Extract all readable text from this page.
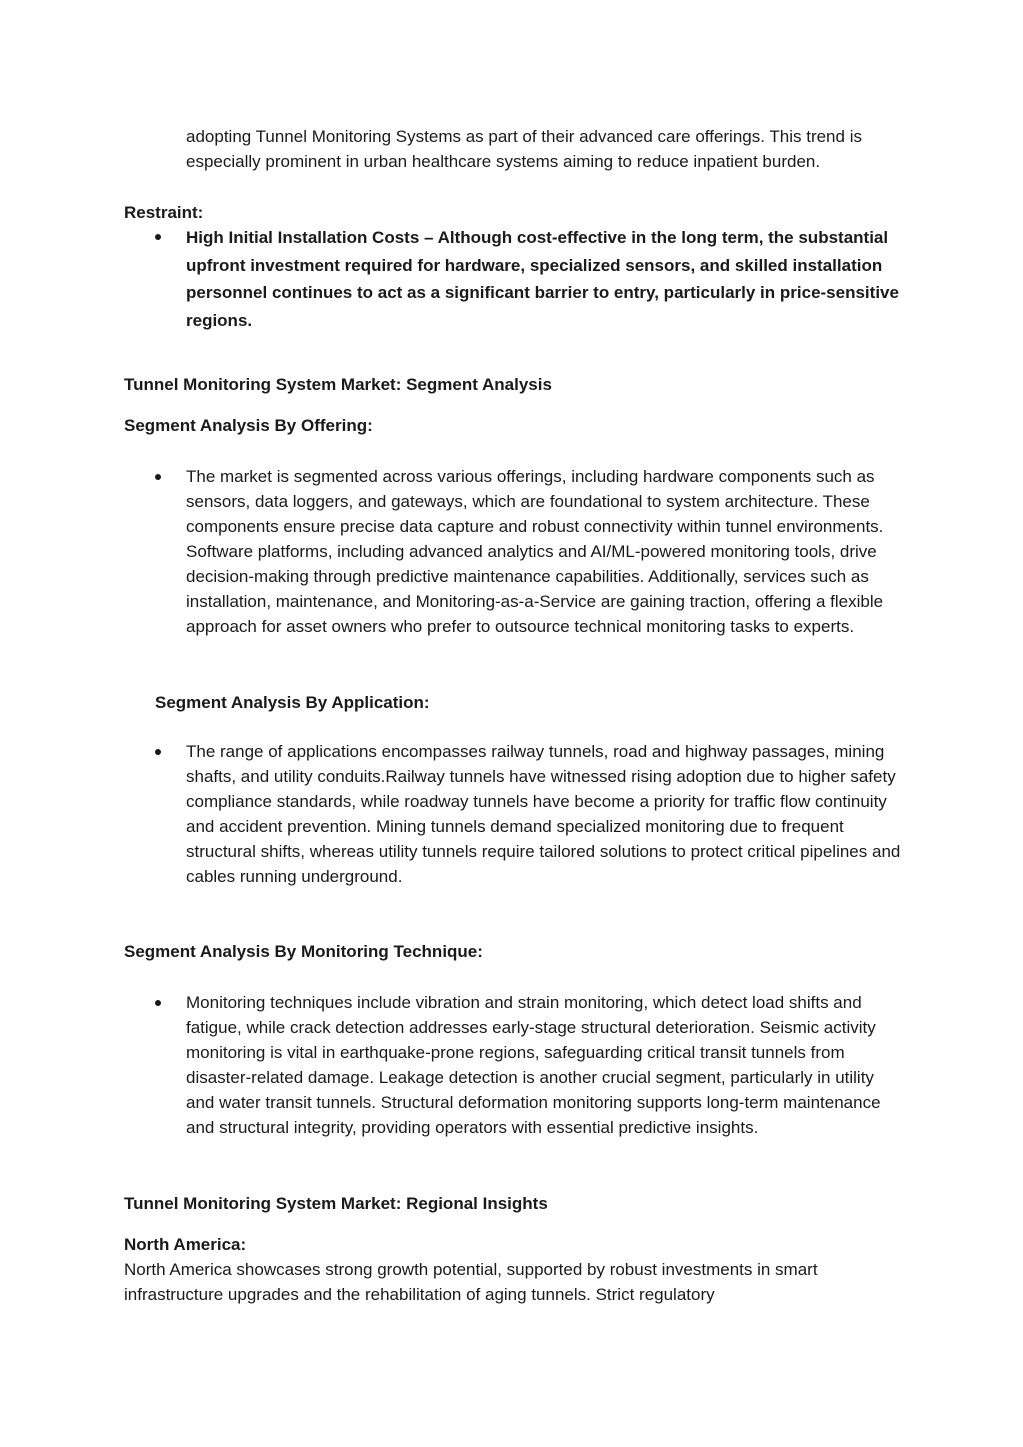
adopting Tunnel Monitoring Systems as part of their advanced care offerings. This trend is especially prominent in urban healthcare systems aiming to reduce inpatient burden.

Restraint:

High Initial Installation Costs – Although cost-effective in the long term, the substantial upfront investment required for hardware, specialized sensors, and skilled installation personnel continues to act as a significant barrier to entry, particularly in price-sensitive regions.

Tunnel Monitoring System Market: Segment Analysis

Segment Analysis By Offering:

The market is segmented across various offerings, including hardware components such as sensors, data loggers, and gateways, which are foundational to system architecture. These components ensure precise data capture and robust connectivity within tunnel environments. Software platforms, including advanced analytics and AI/ML-powered monitoring tools, drive decision-making through predictive maintenance capabilities. Additionally, services such as installation, maintenance, and Monitoring-as-a-Service are gaining traction, offering a flexible approach for asset owners who prefer to outsource technical monitoring tasks to experts.

Segment Analysis By Application:

The range of applications encompasses railway tunnels, road and highway passages, mining shafts, and utility conduits.Railway tunnels have witnessed rising adoption due to higher safety compliance standards, while roadway tunnels have become a priority for traffic flow continuity and accident prevention. Mining tunnels demand specialized monitoring due to frequent structural shifts, whereas utility tunnels require tailored solutions to protect critical pipelines and cables running underground.

Segment Analysis By Monitoring Technique:

Monitoring techniques include vibration and strain monitoring, which detect load shifts and fatigue, while crack detection addresses early-stage structural deterioration. Seismic activity monitoring is vital in earthquake-prone regions, safeguarding critical transit tunnels from disaster-related damage. Leakage detection is another crucial segment, particularly in utility and water transit tunnels. Structural deformation monitoring supports long-term maintenance and structural integrity, providing operators with essential predictive insights.

Tunnel Monitoring System Market: Regional Insights

North America:

North America showcases strong growth potential, supported by robust investments in smart infrastructure upgrades and the rehabilitation of aging tunnels. Strict regulatory
